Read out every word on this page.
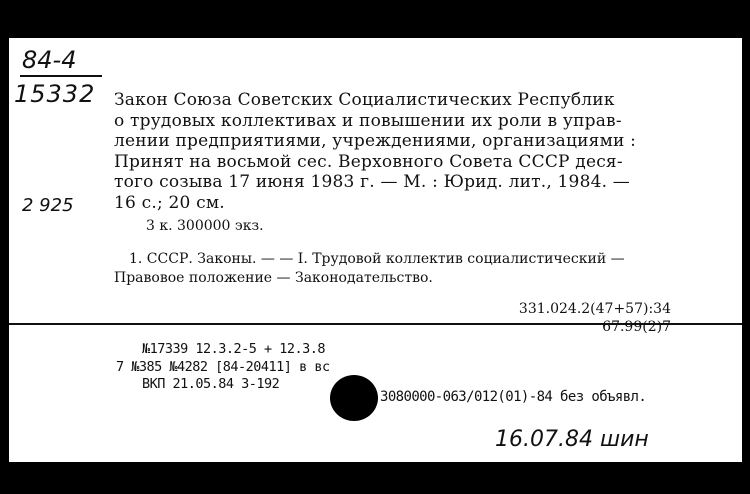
84-4
15332
2 925
Закон Союза Советских Социалистических Республик
о трудовых коллективах и повышении их роли в управ-
лении предприятиями, учреждениями, организациями :
Принят на восьмой сес. Верховного Совета СССР деся-
того созыва 17 июня 1983 г. — М. : Юрид. лит., 1984. —
16 с.; 20 см.
3 к. 300000 экз.
1. СССР. Законы. — — I. Трудовой коллектив социалистический —
Правовое положение — Законодательство.
331.024.2(47+57):34
67.99(2)7
№17339 12.3.2-5 + 12.3.8
7 №385 №4282 [84-20411] в вс
ВКП 21.05.84 3-192
3080000-063/012(01)-84 без объявл.
16.07.84 шин
